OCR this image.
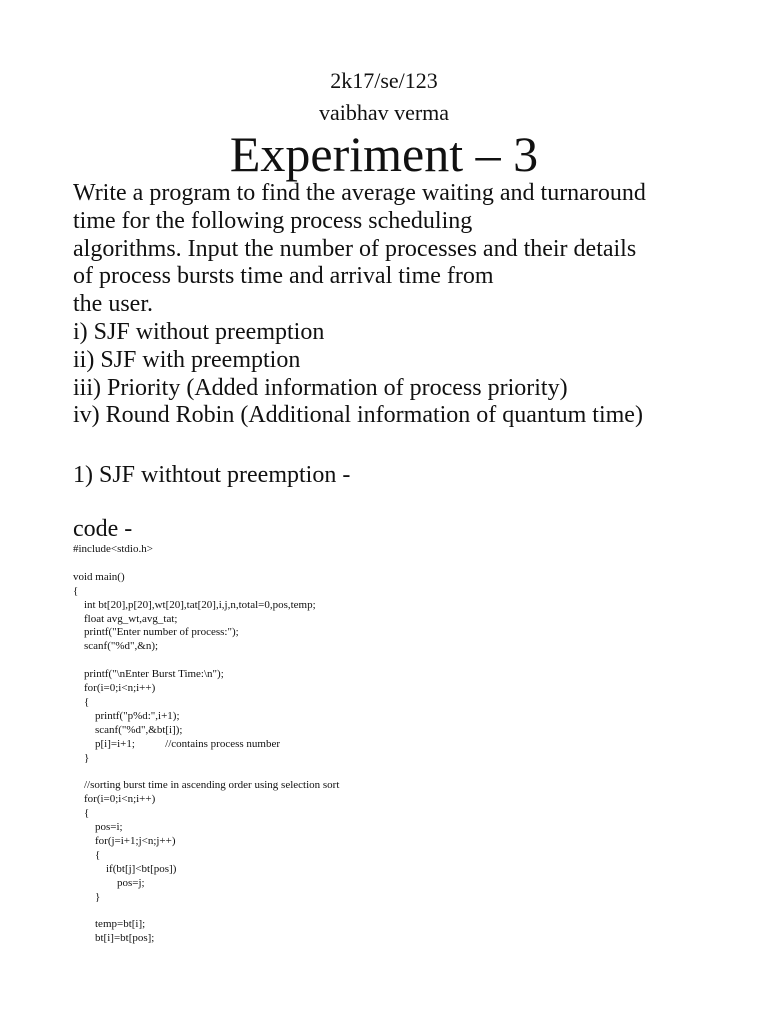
2k17/se/123
vaibhav verma
Experiment – 3
Write a program to find the average waiting and turnaround
time for the following process scheduling
algorithms. Input the number of processes and their details
of process bursts time and arrival time from
the user.
i) SJF without preemption
ii) SJF with preemption
iii) Priority (Added information of process priority)
iv) Round Robin (Additional information of quantum time)
1) SJF withtout preemption -
code -
#include<stdio.h>

void main()
{
int bt[20],p[20],wt[20],tat[20],i,j,n,total=0,pos,temp;
float avg_wt,avg_tat;
printf("Enter number of process:");
scanf("%d",&n);

printf("\nEnter Burst Time:\n");
for(i=0;i<n;i++)
{
printf("p%d:",i+1);
scanf("%d",&bt[i]);
p[i]=i+1;           //contains process number
}

//sorting burst time in ascending order using selection sort
for(i=0;i<n;i++)
{
pos=i;
for(j=i+1;j<n;j++)
{
if(bt[j]<bt[pos])
pos=j;
}

temp=bt[i];
bt[i]=bt[pos];
